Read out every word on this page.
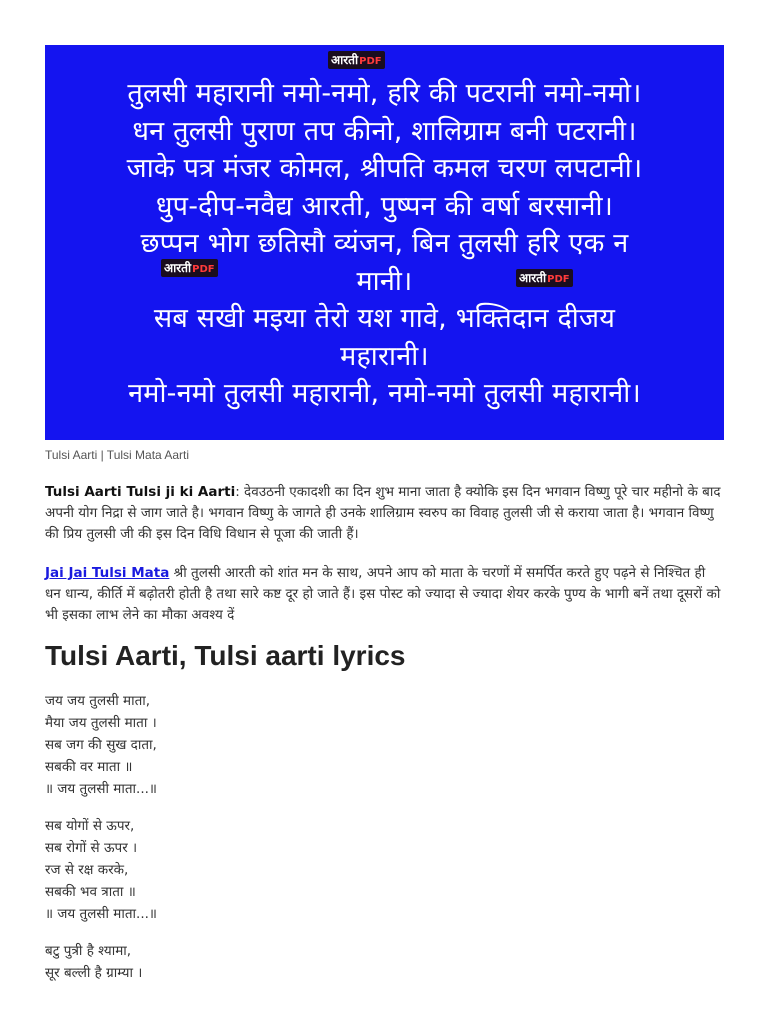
आरतीPDF
आरतीPDF
आरतीPDF
तुलसी महारानी नमो-नमो, हरि की पटरानी नमो-नमो।
धन तुलसी पुराण तप कीनो, शालिग्राम बनी पटरानी।
जाके पत्र मंजर कोमल, श्रीपति कमल चरण लपटानी।
धुप-दीप-नवैद्य आरती, पुष्पन की वर्षा बरसानी।
छप्पन भोग छतिसौ व्यंजन, बिन तुलसी हरि एक न
मानी।
सब सखी मइया तेरो यश गावे, भक्तिदान दीजय
महारानी।
नमो-नमो तुलसी महारानी, नमो-नमो तुलसी महारानी।
Tulsi Aarti | Tulsi Mata Aarti
Tulsi Aarti Tulsi ji ki Aarti: देवउठनी एकादशी का दिन शुभ माना जाता है क्योकि इस दिन भगवान विष्णु पूरे चार महीनो के बाद अपनी योग निद्रा से जाग जाते है। भगवान विष्णु के जागते ही उनके शालिग्राम स्वरुप का विवाह तुलसी जी से कराया जाता है। भगवान विष्णु की प्रिय तुलसी जी की इस दिन विधि विधान से पूजा की जाती हैं।
Jai Jai Tulsi Mata श्री तुलसी आरती को शांत मन के साथ, अपने आप को माता के चरणों में समर्पित करते हुए पढ़ने से निश्चित ही धन धान्य, कीर्ति में बढ़ोतरी होती है तथा सारे कष्ट दूर हो जाते हैं। इस पोस्ट को ज्यादा से ज्यादा शेयर करके पुण्य के भागी बनें तथा दूसरों को भी इसका लाभ लेने का मौका अवश्य दें
Tulsi Aarti, Tulsi aarti lyrics
जय जय तुलसी माता,
मैया जय तुलसी माता ।
सब जग की सुख दाता,
सबकी वर माता ॥
॥ जय तुलसी माता...॥
सब योगों से ऊपर,
सब रोगों से ऊपर ।
रज से रक्ष करके,
सबकी भव त्राता ॥
॥ जय तुलसी माता...॥
बटु पुत्री है श्यामा,
सूर बल्ली है ग्राम्या ।
